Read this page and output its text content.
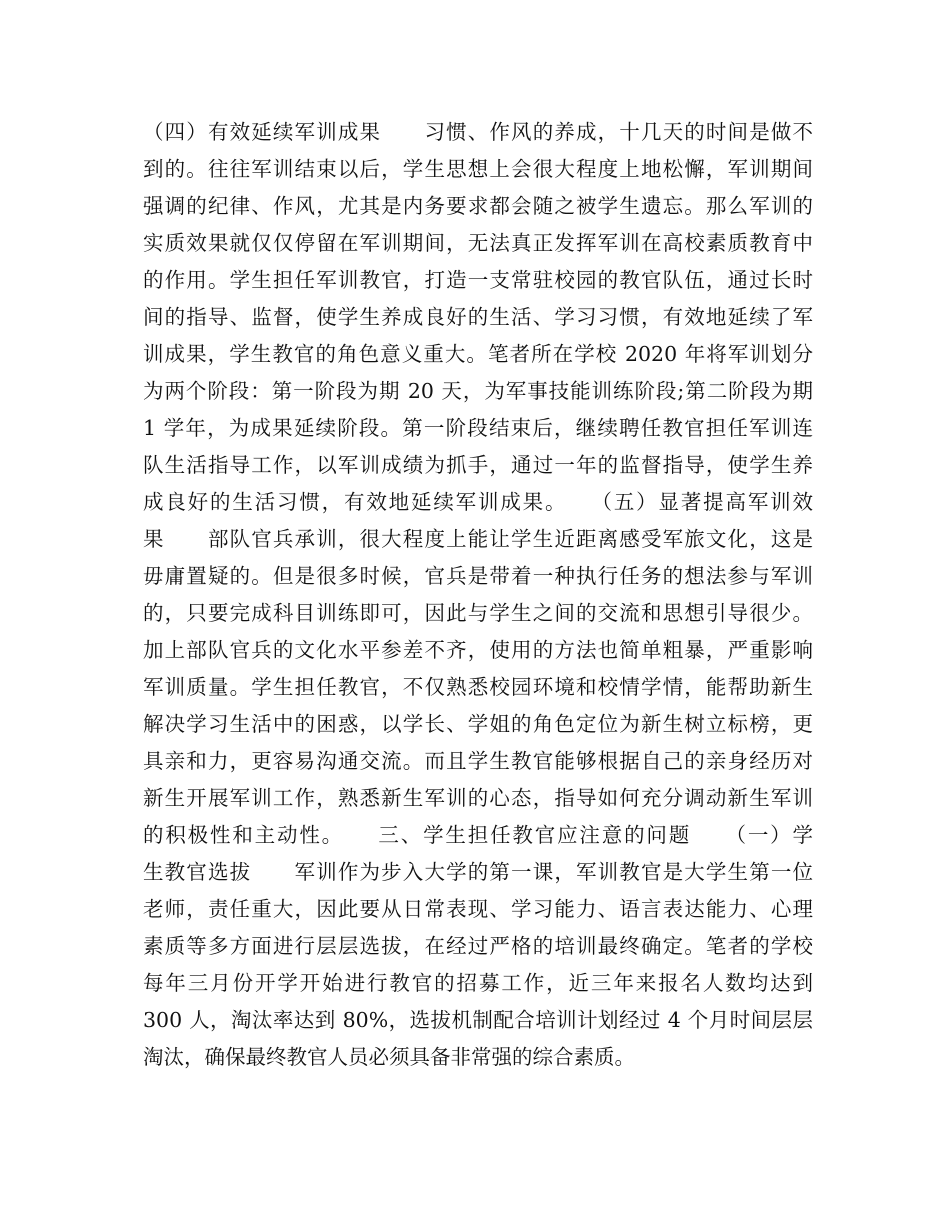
（四）有效延续军训成果　　习惯、作风的养成，十几天的时间是做不
到的。往往军训结束以后，学生思想上会很大程度上地松懈，军训期间
强调的纪律、作风，尤其是内务要求都会随之被学生遗忘。那么军训的
实质效果就仅仅停留在军训期间，无法真正发挥军训在高校素质教育中
的作用。学生担任军训教官，打造一支常驻校园的教官队伍，通过长时
间的指导、监督，使学生养成良好的生活、学习习惯，有效地延续了军
训成果，学生教官的角色意义重大。笔者所在学校 2020 年将军训划分
为两个阶段：第一阶段为期 20 天，为军事技能训练阶段;第二阶段为期
1 学年，为成果延续阶段。第一阶段结束后，继续聘任教官担任军训连
队生活指导工作，以军训成绩为抓手，通过一年的监督指导，使学生养
成良好的生活习惯，有效地延续军训成果。　　（五）显著提高军训效
果　　部队官兵承训，很大程度上能让学生近距离感受军旅文化，这是
毋庸置疑的。但是很多时候，官兵是带着一种执行任务的想法参与军训
的，只要完成科目训练即可，因此与学生之间的交流和思想引导很少。
加上部队官兵的文化水平参差不齐，使用的方法也简单粗暴，严重影响
军训质量。学生担任教官，不仅熟悉校园环境和校情学情，能帮助新生
解决学习生活中的困惑，以学长、学姐的角色定位为新生树立标榜，更
具亲和力，更容易沟通交流。而且学生教官能够根据自己的亲身经历对
新生开展军训工作，熟悉新生军训的心态，指导如何充分调动新生军训
的积极性和主动性。　　三、学生担任教官应注意的问题　　（一）学
生教官选拔　　军训作为步入大学的第一课，军训教官是大学生第一位
老师，责任重大，因此要从日常表现、学习能力、语言表达能力、心理
素质等多方面进行层层选拔，在经过严格的培训最终确定。笔者的学校
每年三月份开学开始进行教官的招募工作，近三年来报名人数均达到
300 人，淘汰率达到 80%，选拔机制配合培训计划经过 4 个月时间层层
淘汰，确保最终教官人员必须具备非常强的综合素质。
